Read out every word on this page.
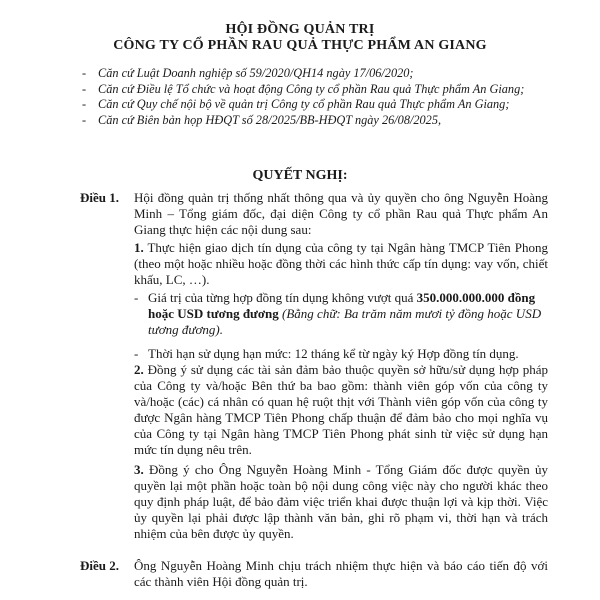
HỘI ĐỒNG QUẢN TRỊ
CÔNG TY CỔ PHẦN RAU QUẢ THỰC PHẨM AN GIANG
- Căn cứ Luật Doanh nghiệp số 59/2020/QH14 ngày 17/06/2020;
- Căn cứ Điều lệ Tổ chức và hoạt động Công ty cổ phần Rau quả Thực phẩm An Giang;
- Căn cứ Quy chế nội bộ về quản trị Công ty cổ phần Rau quả Thực phẩm An Giang;
- Căn cứ Biên bản họp HĐQT số 28/2025/BB-HĐQT ngày 26/08/2025,
QUYẾT NGHỊ:
Điều 1. Hội đồng quản trị thống nhất thông qua và ủy quyền cho ông Nguyễn Hoàng Minh – Tổng giám đốc, đại diện Công ty cổ phần Rau quả Thực phẩm An Giang thực hiện các nội dung sau:
1. Thực hiện giao dịch tín dụng của công ty tại Ngân hàng TMCP Tiên Phong (theo một hoặc nhiều hoặc đồng thời các hình thức cấp tín dụng: vay vốn, chiết khấu, LC, …).
- Giá trị của từng hợp đồng tín dụng không vượt quá 350.000.000.000 đồng hoặc USD tương đương (Bằng chữ: Ba trăm năm mươi tỷ đồng hoặc USD tương đương).
- Thời hạn sử dụng hạn mức: 12 tháng kể từ ngày ký Hợp đồng tín dụng.
2. Đồng ý sử dụng các tài sản đảm bảo thuộc quyền sở hữu/sử dụng hợp pháp của Công ty và/hoặc Bên thứ ba bao gồm: thành viên góp vốn của công ty và/hoặc (các) cá nhân có quan hệ ruột thịt với Thành viên góp vốn của công ty được Ngân hàng TMCP Tiên Phong chấp thuận để đảm bảo cho mọi nghĩa vụ của Công ty tại Ngân hàng TMCP Tiên Phong phát sinh từ việc sử dụng hạn mức tín dụng nêu trên.
3. Đồng ý cho Ông Nguyễn Hoàng Minh - Tổng Giám đốc được quyền ủy quyền lại một phần hoặc toàn bộ nội dung công việc này cho người khác theo quy định pháp luật, để bảo đảm việc triển khai được thuận lợi và kịp thời. Việc ủy quyền lại phải được lập thành văn bản, ghi rõ phạm vi, thời hạn và trách nhiệm của bên được ủy quyền.
Điều 2. Ông Nguyễn Hoàng Minh chịu trách nhiệm thực hiện và báo cáo tiến độ với các thành viên Hội đồng quản trị.
